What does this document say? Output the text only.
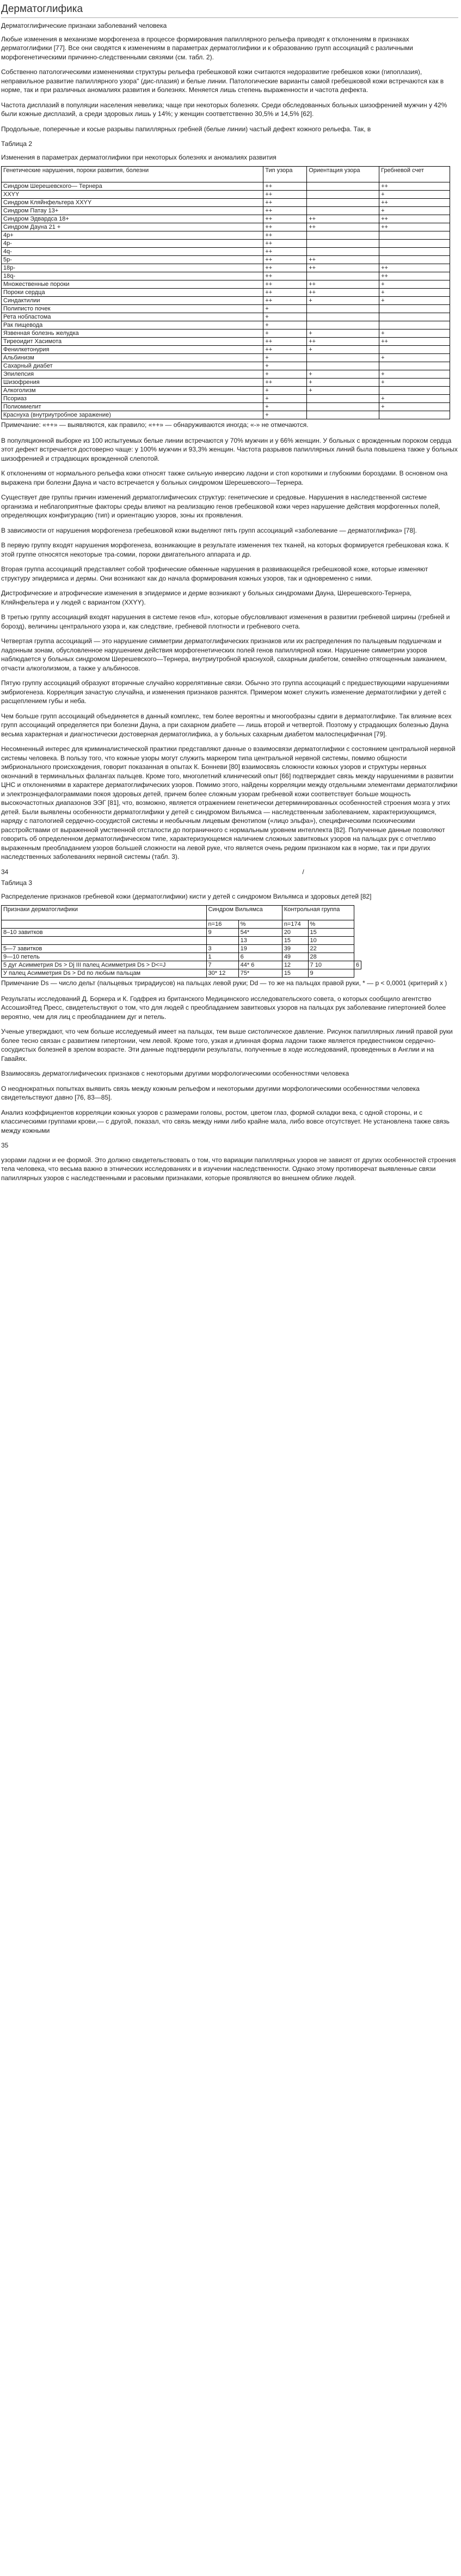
Дерматоглифика

Дерматоглифические признаки заболеваний человека

Любые изменения в механизме морфогенеза в процессе формирования папиллярного рельефа приводят к отклонениям в признаках дерматоглифики [77]. Все они сводятся к изменениям в параметрах дерматоглифики и к образованию групп ассоциаций с различными морфогенетическими причинно-следственными связями (см. табл. 2).

Собственно патологическими изменениями структуры рельефа гребешковой кожи считаются недоразвитие гребешков кожи (гипоплазия), неправильное развитие папиллярного узора" (дис-плазия) и белые линии. Патологические варианты самой гребешковой кожи встречаются как в норме, так и при различных аномалиях развития и болезнях. Меняется лишь степень выраженности и частота дефекта.

Частота дисплазий в популяции населения невелика; чаще при некоторых болезнях. Среди обследованных больных шизофренией мужчин у 42% были кожные дисплазий, а среди здоровых лишь у 14%; у женщин соответственно 30,5% и 14,5% [62].

Продольные, поперечные и косые разрывы папиллярных гребней (белые линии) частый дефект кожного рельефа. Так, в

Таблица 2

Изменения в параметрах дерматоглифики при некоторых болезнях и аномалиях развития

Генетические нарушения, пороки развития, болезни	Тип узора	Ориентация узора	Гребневой счет
Синдром Шерешевского— Тернера	++		++
ХХYY	++		+
Синдром Кляйнфельтера ХХYY	++		++
Синдром Патау 13+	++		+
Синдром Эдвардса 18+	++	++	++
Синдром Дауна 21 +	++	++	++
4р+	++		
4р-	++		
4q-	++		
5р-	++	++	
18р-	++	++	++
18q-	++		++
Множественные пороки	++	++	+
Пороки сердца	++	++	+
Синдактилии	++	+	+
Полиписто почек	+		
Рета нобластома	+		
Рак пищевода	+		
Язвенная болезнь желудка	+	+	+
Тиреоидит Хасимота	++	++	++
Фенилкетонурия	++	+	
Альбинизм	+		+
Сахарный диабет	+		
Эпилепсия	+	+	+
Шизофрения	++	+	+
Алкоголизм	+	+	
Псориаз	+		+
Полиомиелит	+		+
Краснуха (внутриутробное заражение)	+		

Примечание: «++» — выявляются, как правило; «++» — обнаруживаются иногда; «-» не отмечаются.

В популяционной выборке из 100 испытуемых белые линии встречаются у 70% мужчин и у 66% женщин. У больных с врожденным пороком сердца этот дефект встречается достоверно чаще: у 100% мужчин и 93,3% женщин. Частота разрывов папиллярных линий была повышена также у больных шизофренией и страдающих врожденной слепотой.

К отклонениям от нормального рельефа кожи относят также сильную инверсию ладони и стоп короткими и глубокими бороздами. В основном она выражена при болезни Дауна и часто встречается у больных синдромом Шерешевского—Тернера.

Существует две группы причин изменений дерматоглифических структур: генетические и средовые. Нарушения в наследственной системе организма и неблагоприятные факторы среды влияют на реализацию генов гребешковой кожи через нарушение действия морфогенных полей, определяющих конфигурацию (тип) и ориентацию узоров, зоны их проявления.

В зависимости от нарушения морфогенеза гребешковой кожи выделяют пять групп ассоциаций «заболевание — дерматоглифика» [78].

В первую группу входят нарушения морфогенеза, возникающие в результате изменения тех тканей, на которых формируется гребешковая кожа. К этой группе относятся некоторые тра-сомии, пороки двигательного аппарата и др.

Вторая группа ассоциаций представляет собой трофические обменные нарушения в развивающейся гребешковой коже, которые изменяют структуру эпидермиса и дермы. Они возникают как до начала формирования кожных узоров, так и одновременно с ними.

Дистрофические и атрофические изменения в эпидермисе и дерме возникают у больных синдромами Дауна, Шерешевского-Тернера, Кляйнфельтера и у людей с вариантом (ХХYY).

В третью группу ассоциаций входят нарушения в системе генов «fu», которые обусловливают изменения в развитии гребневой ширины (гребней и борозд), величины центрального узора и, как следствие, гребневой плотности и гребневого счета.

Четвертая группа ассоциаций — это нарушение симметрии дерматоглифических признаков или их распределения по пальцевым подушечкам и ладонным зонам, обусловленное нарушением действия морфогенетических полей генов папиллярной кожи. Нарушение симметрии узоров наблюдается у больных синдромом Шерешевского—Тернера, внутриутробной краснухой, сахарным диабетом, семейно отягощенным заиканием, отчасти алкоголизмом, а также у альбиносов.

Пятую группу ассоциаций образуют вторичные случайно коррелятивные связи. Обычно это группа ассоциаций с предшествующими нарушениями эмбриогенеза. Корреляция зачастую случайна, и изменения признаков разнятся. Примером может служить изменение дерматоглифики у детей с расщеплением губы и неба.

Чем больше групп ассоциаций объединяется в данный комплекс, тем более вероятны и многообразны сдвиги в дерматоглифике. Так влияние всех групп ассоциаций определяется при болезни Дауна, а при сахарном диабете — лишь второй и четвертой. Поэтому у страдающих болезнью Дауна весьма характерная и диагностически достоверная дерматоглифика, а у больных сахарным диабетом малоспецифичная [79].

Несомненный интерес для криминалистической практики представляют данные о взаимосвязи дерматоглифики с состоянием центральной нервной системы человека. В пользу того, что кожные узоры могут служить маркером типа центральной нервной системы, помимо общности эмбрионального происхождения, говорит показанная в опытах К. Бонневи [80] взаимосвязь сложности кожных узоров и структуры нервных окончаний в терминальных фалангах пальцев. Кроме того, многолетний клинический опыт [66] подтверждает связь между нарушениями в развитии ЦНС и отклонениями в характере дерматоглифических узоров. Помимо этого, найдены корреляции между отдельными элементами дерматоглифики и электроэнцефалограммами покоя здоровых детей, причем более сложным узорам гребневой кожи соответствует больше мощность высокочастотных диапазонов ЭЭГ [81], что, возможно, является отражением генетически детерминированных особенностей строения мозга у этих детей. Были выявлены особенности дерматоглифики у детей с синдромом Вильямса — наследственным заболеванием, характеризующимся, наряду с патологией сердечно-сосудистой системы и необычным лицевым фенотипом («лицо эльфа»), специфическими психическими расстройствами от выраженной умственной отсталости до пограничного с нормальным уровнем интеллекта [82]. Полученные данные позволяют говорить об определенном дерматоглифическом типе, характеризующемся наличием сложных завитковых узоров на пальцах рук с отчетливо выраженным преобладанием узоров большей сложности на левой руке, что является очень редким признаком как в норме, так и при других наследственных заболеваниях нервной системы (табл. 3).

34	/

Таблица 3

Распределение признаков гребневой кожи (дерматоглифики) кисти у детей с синдромом Вильямса и здоровых детей [82]

Признаки дерматоглифики	Синдром Вильямса		Контрольная группа		
	n=16	%	n=174	%	
8–10 завитков	9	54*	20	15	
		13	15	10	
5—7 завитков	3	19	39	22	
9—10 петель	1	6	49	28	
5 дуг Асимметрия Ds > Dj III палец Асимметрия Ds > D<=J	7	44* 6	12	7 10	6
У палец Асимметрия Ds > Dd по любым пальцам	30* 12	75*	15	9	

Примечание Ds — число дельт (пальцевых трирадиусов) на пальцах левой руки; Dd — то же на пальцах правой руки, * — р < 0,0001 (критерий х )

Результаты исследований Д. Боркера и К. Годфрея из британского Медицинского исследовательского совета, о которых сообщило агентство Ассошиэйтед Пресс, свидетельствуют о том, что для людей с преобладанием завитковых узоров на пальцах рук заболевание гипертонией более вероятно, чем для лиц с преобладанием дуг и петель.

Ученые утверждают, что чем больше исследуемый имеет на пальцах, тем выше систолическое давление. Рисунок папиллярных линий правой руки более тесно связан с развитием гипертонии, чем левой. Кроме того, узкая и длинная форма ладони также является предвестником сердечно-сосудистых болезней в зрелом возрасте. Эти данные подтвердили результаты, полученные в ходе исследований, проведенных в Англии и на Гавайях.

Взаимосвязь дерматоглифических признаков с некоторыми другими морфологическими особенностями человека

О неоднократных попытках выявить связь между кожным рельефом и некоторыми другими морфологическими особенностями человека свидетельствуют давно [76, 83—85].

Анализ коэффициентов корреляции кожных узоров с размерами головы, ростом, цветом глаз, формой складки века, с одной стороны, и с классическими группами крови,— с другой, показал, что связь между ними либо крайне мала, либо вовсе отсутствует. Не установлена также связь между кожными

35

узорами ладони и ее формой. Это должно свидетельствовать о том, что вариации папиллярных узоров не зависят от других особенностей строения тела человека, что весьма важно в этнических исследованиях и в изучении наследственности. Однако этому противоречат выявленные связи папиллярных узоров с наследственными и расовыми признаками, которые проявляются во внешнем облике людей.
